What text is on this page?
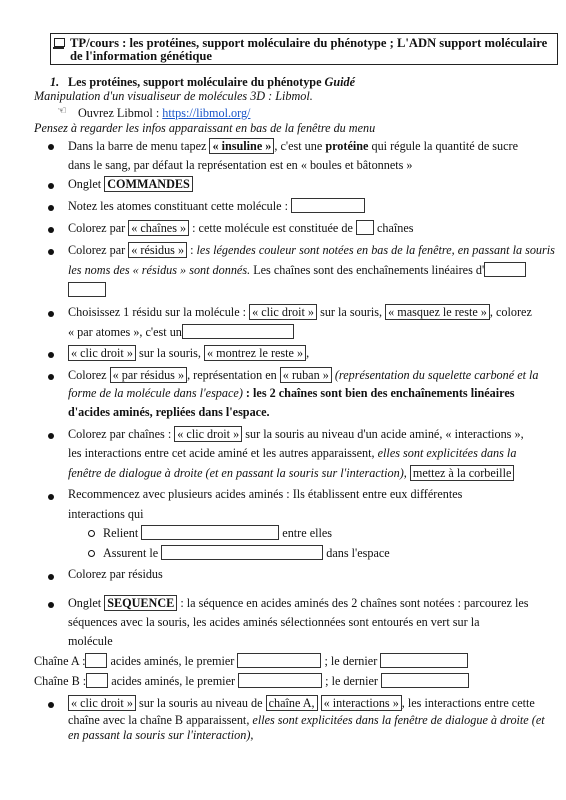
TP/cours : les protéines, support moléculaire du phénotype ; L'ADN support moléculaire
de l'information génétique
1. Les protéines, support moléculaire du phénotype Guidé
Manipulation d'un visualiseur de molécules 3D : Libmol.
☜ Ouvrez Libmol : https://libmol.org/
Pensez à regarder les infos apparaissant en bas de la fenêtre du menu
Dans la barre de menu tapez « insuline » , c'est une protéine qui régule la quantité de sucre
dans le sang, par défaut la représentation est en « boules et bâtonnets »
Onglet COMMANDES
Notez les atomes constituant cette molécule :
Colorez par « chaînes » : cette molécule est constituée de  chaînes
Colorez par « résidus » : les légendes couleur sont notées en bas de la fenêtre, en passant la souris
les noms des « résidus » sont donnés. Les chaînes sont des enchaînements linéaires d'
Choisissez 1 résidu sur la molécule : « clic droit » sur la souris, « masquez le reste » , colorez
« par atomes », c'est un
« clic droit » sur la souris, « montrez le reste » ,
Colorez « par résidus » , représentation en « ruban » (représentation du squelette carboné et la
forme de la molécule dans l'espace) : les 2 chaînes sont bien des enchaînements linéaires
d'acides aminés, repliées dans l'espace.
Colorez par chaînes : « clic droit » sur la souris au niveau d'un acide aminé, « interactions »,
les interactions entre cet acide aminé et les autres apparaissent, elles sont explicitées dans la
fenêtre de dialogue à droite (et en passant la souris sur l'interaction), mettez à la corbeille
Recommencez avec plusieurs acides aminés : Ils établissent entre eux différentes
interactions qui
Relient	entre elles
Assurent le	dans l'espace
Colorez par résidus
Onglet SEQUENCE : la séquence en acides aminés des 2 chaînes sont notées : parcourez les
séquences avec la souris, les acides aminés sélectionnées sont entourés en vert sur la
molécule
Chaîne A : acides aminés, le premier	; le dernier
Chaîne B : acides aminés, le premier	; le dernier
« clic droit » sur la souris au niveau de chaîne A, « interactions » , les interactions entre cette
chaîne avec la chaîne B apparaissent, elles sont explicitées dans la fenêtre de dialogue à droite (et
en passant la souris sur l'interaction),
